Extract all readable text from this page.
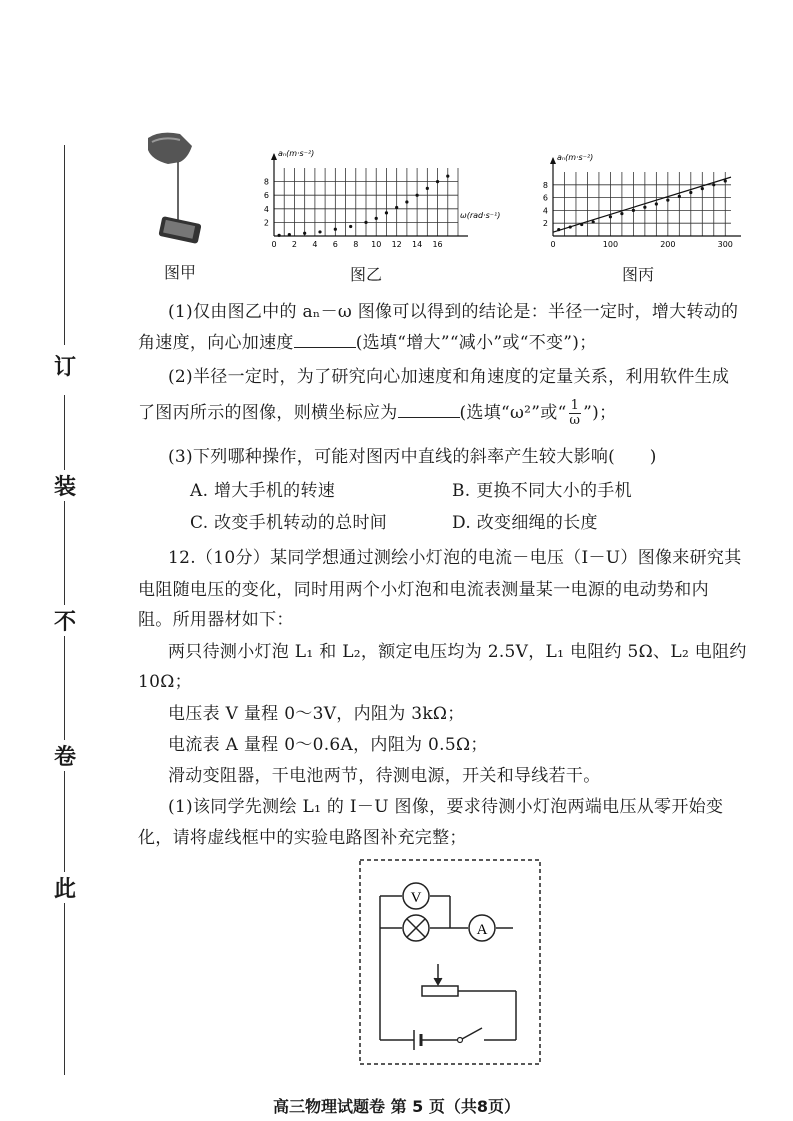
订
装
不
卷
此
图甲
2
4
6
8
0 2 4 6 8 10 12 14 16
aₙ(m·s⁻²)
ω(rad·s⁻¹)
图乙
2
4
6
8
0	100	200	300
aₙ(m·s⁻²)
图丙
(1)仅由图乙中的 aₙ－ω 图像可以得到的结论是：半径一定时，增大转动的
角速度，向心加速度	(选填“增大”“减小”或“不变”)；
(2)半径一定时，为了研究向心加速度和角速度的定量关系，利用软件生成
了图丙所示的图像，则横坐标应为	(选填“ω²”或“ $\frac{1}{\omega}$ ”)；
(3)下列哪种操作，可能对图丙中直线的斜率产生较大影响(　　)
A. 增大手机的转速	B. 更换不同大小的手机
C. 改变手机转动的总时间	D. 改变细绳的长度
12.（10分）某同学想通过测绘小灯泡的电流－电压（I－U）图像来研究其
电阻随电压的变化，同时用两个小灯泡和电流表测量某一电源的电动势和内
阻。所用器材如下：
两只待测小灯泡 L₁ 和 L₂，额定电压均为 2.5V，L₁ 电阻约 5Ω、L₂ 电阻约
10Ω；
电压表 V 量程 0～3V，内阻为 3kΩ；
电流表 A 量程 0～0.6A，内阻为 0.5Ω；
滑动变阻器，干电池两节，待测电源，开关和导线若干。
(1)该同学先测绘 L₁ 的 I－U 图像，要求待测小灯泡两端电压从零开始变
化，请将虚线框中的实验电路图补充完整；
V
A
高三物理试题卷 第 5 页（共8页）
